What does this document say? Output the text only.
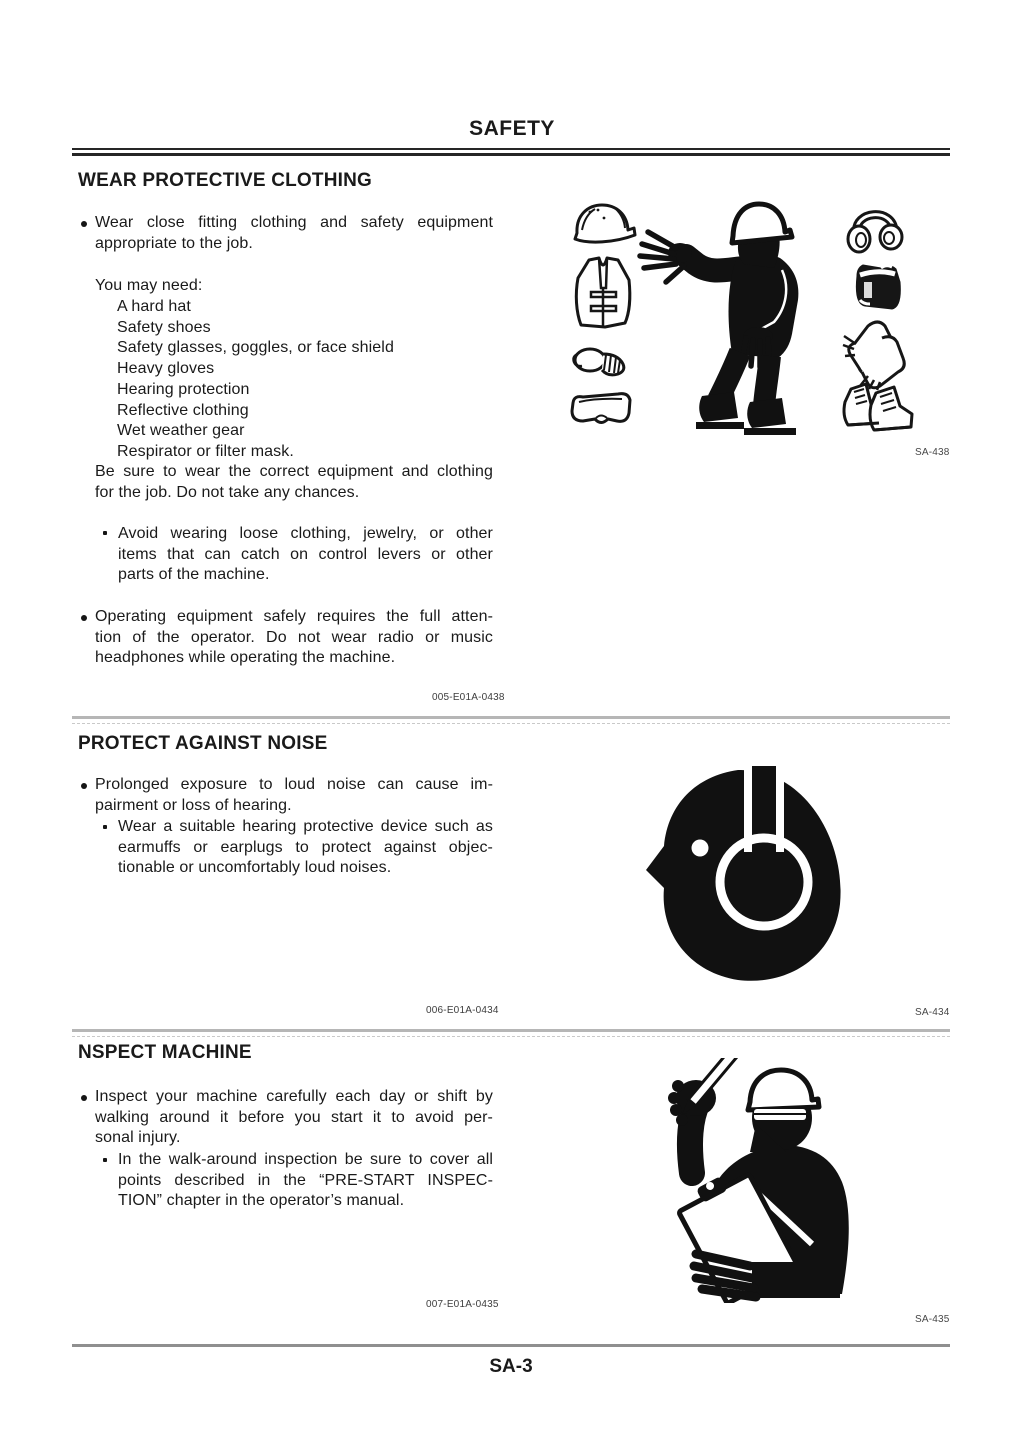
SAFETY
WEAR PROTECTIVE CLOTHING
Wear close fitting clothing and safety equipment
appropriate to the job.
You may need:
A hard hat
Safety shoes
Safety glasses, goggles, or face shield
Heavy gloves
Hearing protection
Reflective clothing
Wet weather gear
Respirator or filter mask.
Be sure to wear the correct equipment and clothing
for the job. Do not take any chances.
Avoid wearing loose clothing, jewelry, or other
items that can catch on control levers or other
parts of the machine.
Operating equipment safely requires the full atten-
tion of the operator. Do not wear radio or music
headphones while operating the machine.
005-E01A-0438
SA-438
PROTECT AGAINST NOISE
Prolonged exposure to loud noise can cause im-
pairment or loss of hearing.
Wear a suitable hearing protective device such as
earmuffs or earplugs to protect against objec-
tionable or uncomfortably loud noises.
006-E01A-0434	SA-434
NSPECT MACHINE
Inspect your machine carefully each day or shift by
walking around it before you start it to avoid per-
sonal injury.
In the walk-around inspection be sure to cover all
points described in the “PRE-START INSPEC-
TION” chapter in the operator’s manual.
007-E01A-0435
SA-435
SA-3
